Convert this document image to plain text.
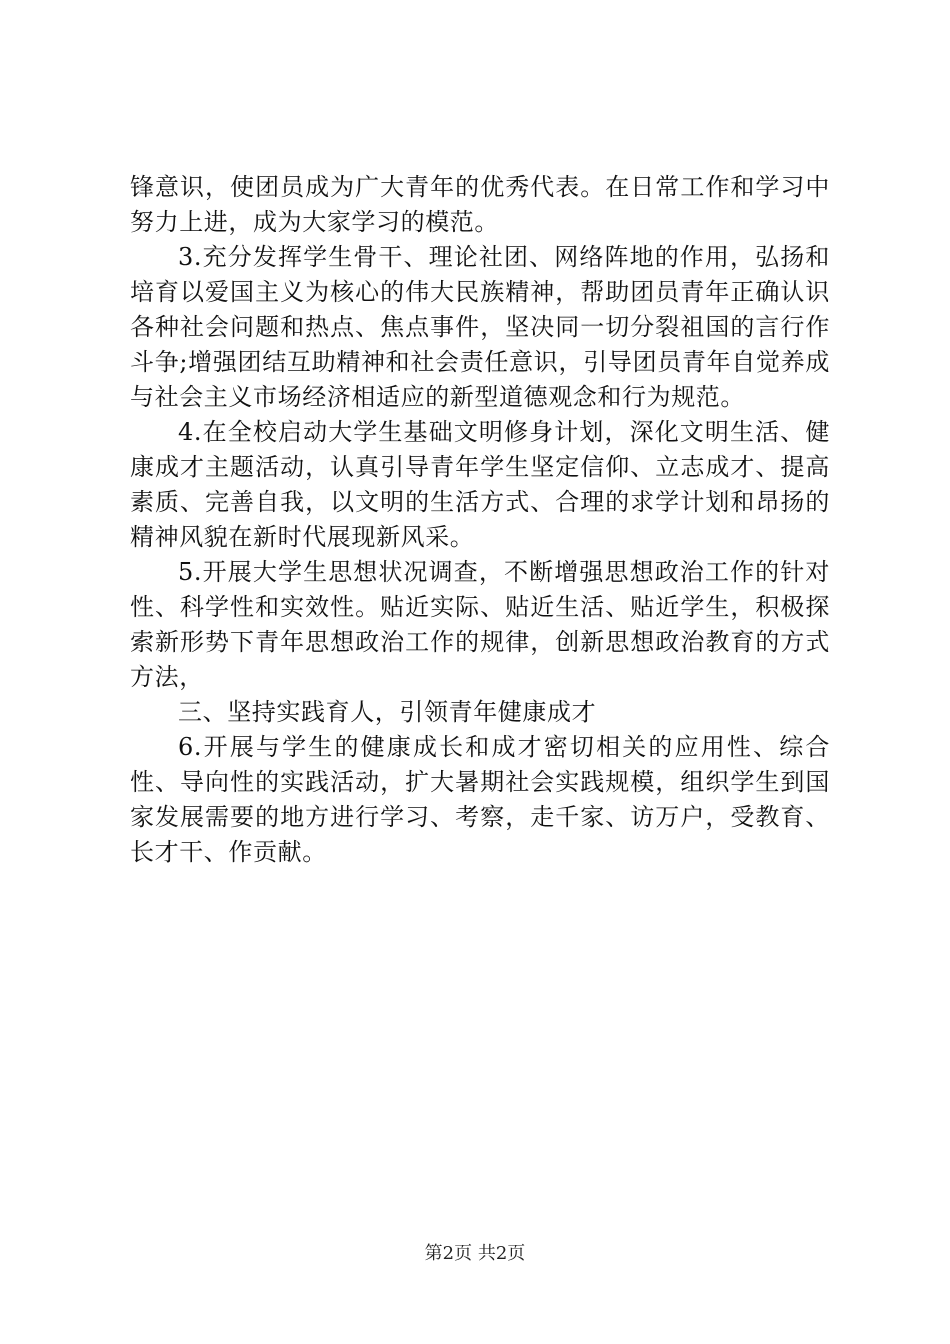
锋意识，使团员成为广大青年的优秀代表。在日常工作和学习中努力上进，成为大家学习的模范。

3.充分发挥学生骨干、理论社团、网络阵地的作用，弘扬和培育以爱国主义为核心的伟大民族精神，帮助团员青年正确认识各种社会问题和热点、焦点事件，坚决同一切分裂祖国的言行作斗争;增强团结互助精神和社会责任意识，引导团员青年自觉养成与社会主义市场经济相适应的新型道德观念和行为规范。

4.在全校启动大学生基础文明修身计划，深化文明生活、健康成才主题活动，认真引导青年学生坚定信仰、立志成才、提高素质、完善自我，以文明的生活方式、合理的求学计划和昂扬的精神风貌在新时代展现新风采。

5.开展大学生思想状况调查，不断增强思想政治工作的针对性、科学性和实效性。贴近实际、贴近生活、贴近学生，积极探索新形势下青年思想政治工作的规律，创新思想政治教育的方式方法，

三、坚持实践育人，引领青年健康成才

6.开展与学生的健康成长和成才密切相关的应用性、综合性、导向性的实践活动，扩大暑期社会实践规模，组织学生到国家发展需要的地方进行学习、考察，走千家、访万户，受教育、长才干、作贡献。

第2页 共2页
